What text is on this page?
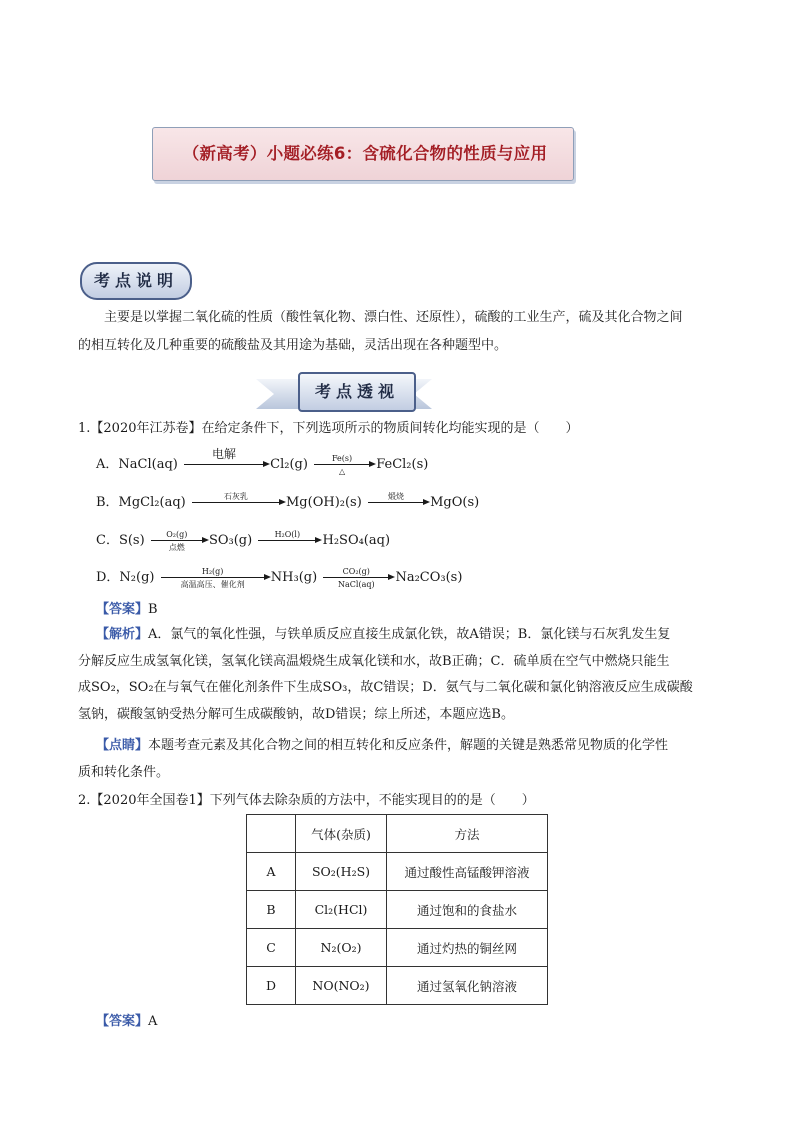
（新高考）小题必练6：含硫化合物的性质与应用
考点说明
主要是以掌握二氧化硫的性质（酸性氧化物、漂白性、还原性），硫酸的工业生产，硫及其化合物之间
的相互转化及几种重要的硫酸盐及其用途为基础，灵活出现在各种题型中。
考点透视
1.【2020年江苏卷】在给定条件下，下列选项所示的物质间转化均能实现的是（　　）
A．NaCl(aq)
电解
Cl₂(g)	Fe(s)
△	FeCl₂(s)
B．MgCl₂(aq)	石灰乳	Mg(OH)₂(s)	煅烧	MgO(s)
C．S(s)	O₂(g)
点燃	SO₃(g)	H₂O(l)	H₂SO₄(aq)
D．N₂(g)	H₂(g)
高温高压、催化剂	NH₃(g)	CO₂(g)
NaCl(aq)	Na₂CO₃(s)
【答案】B
【解析】A．氯气的氧化性强，与铁单质反应直接生成氯化铁，故A错误；B．氯化镁与石灰乳发生复
分解反应生成氢氧化镁，氢氧化镁高温煅烧生成氧化镁和水，故B正确；C．硫单质在空气中燃烧只能生
成SO₂，SO₂在与氧气在催化剂条件下生成SO₃，故C错误；D．氨气与二氧化碳和氯化钠溶液反应生成碳酸
氢钠，碳酸氢钠受热分解可生成碳酸钠，故D错误；综上所述，本题应选B。
【点睛】本题考查元素及其化合物之间的相互转化和反应条件，解题的关键是熟悉常见物质的化学性
质和转化条件。
2.【2020年全国卷1】下列气体去除杂质的方法中，不能实现目的的是（　　）
	气体(杂质)	方法
A	SO₂(H₂S)	通过酸性高锰酸钾溶液
B	Cl₂(HCl)	通过饱和的食盐水
C	N₂(O₂)	通过灼热的铜丝网
D	NO(NO₂)	通过氢氧化钠溶液
【答案】A
